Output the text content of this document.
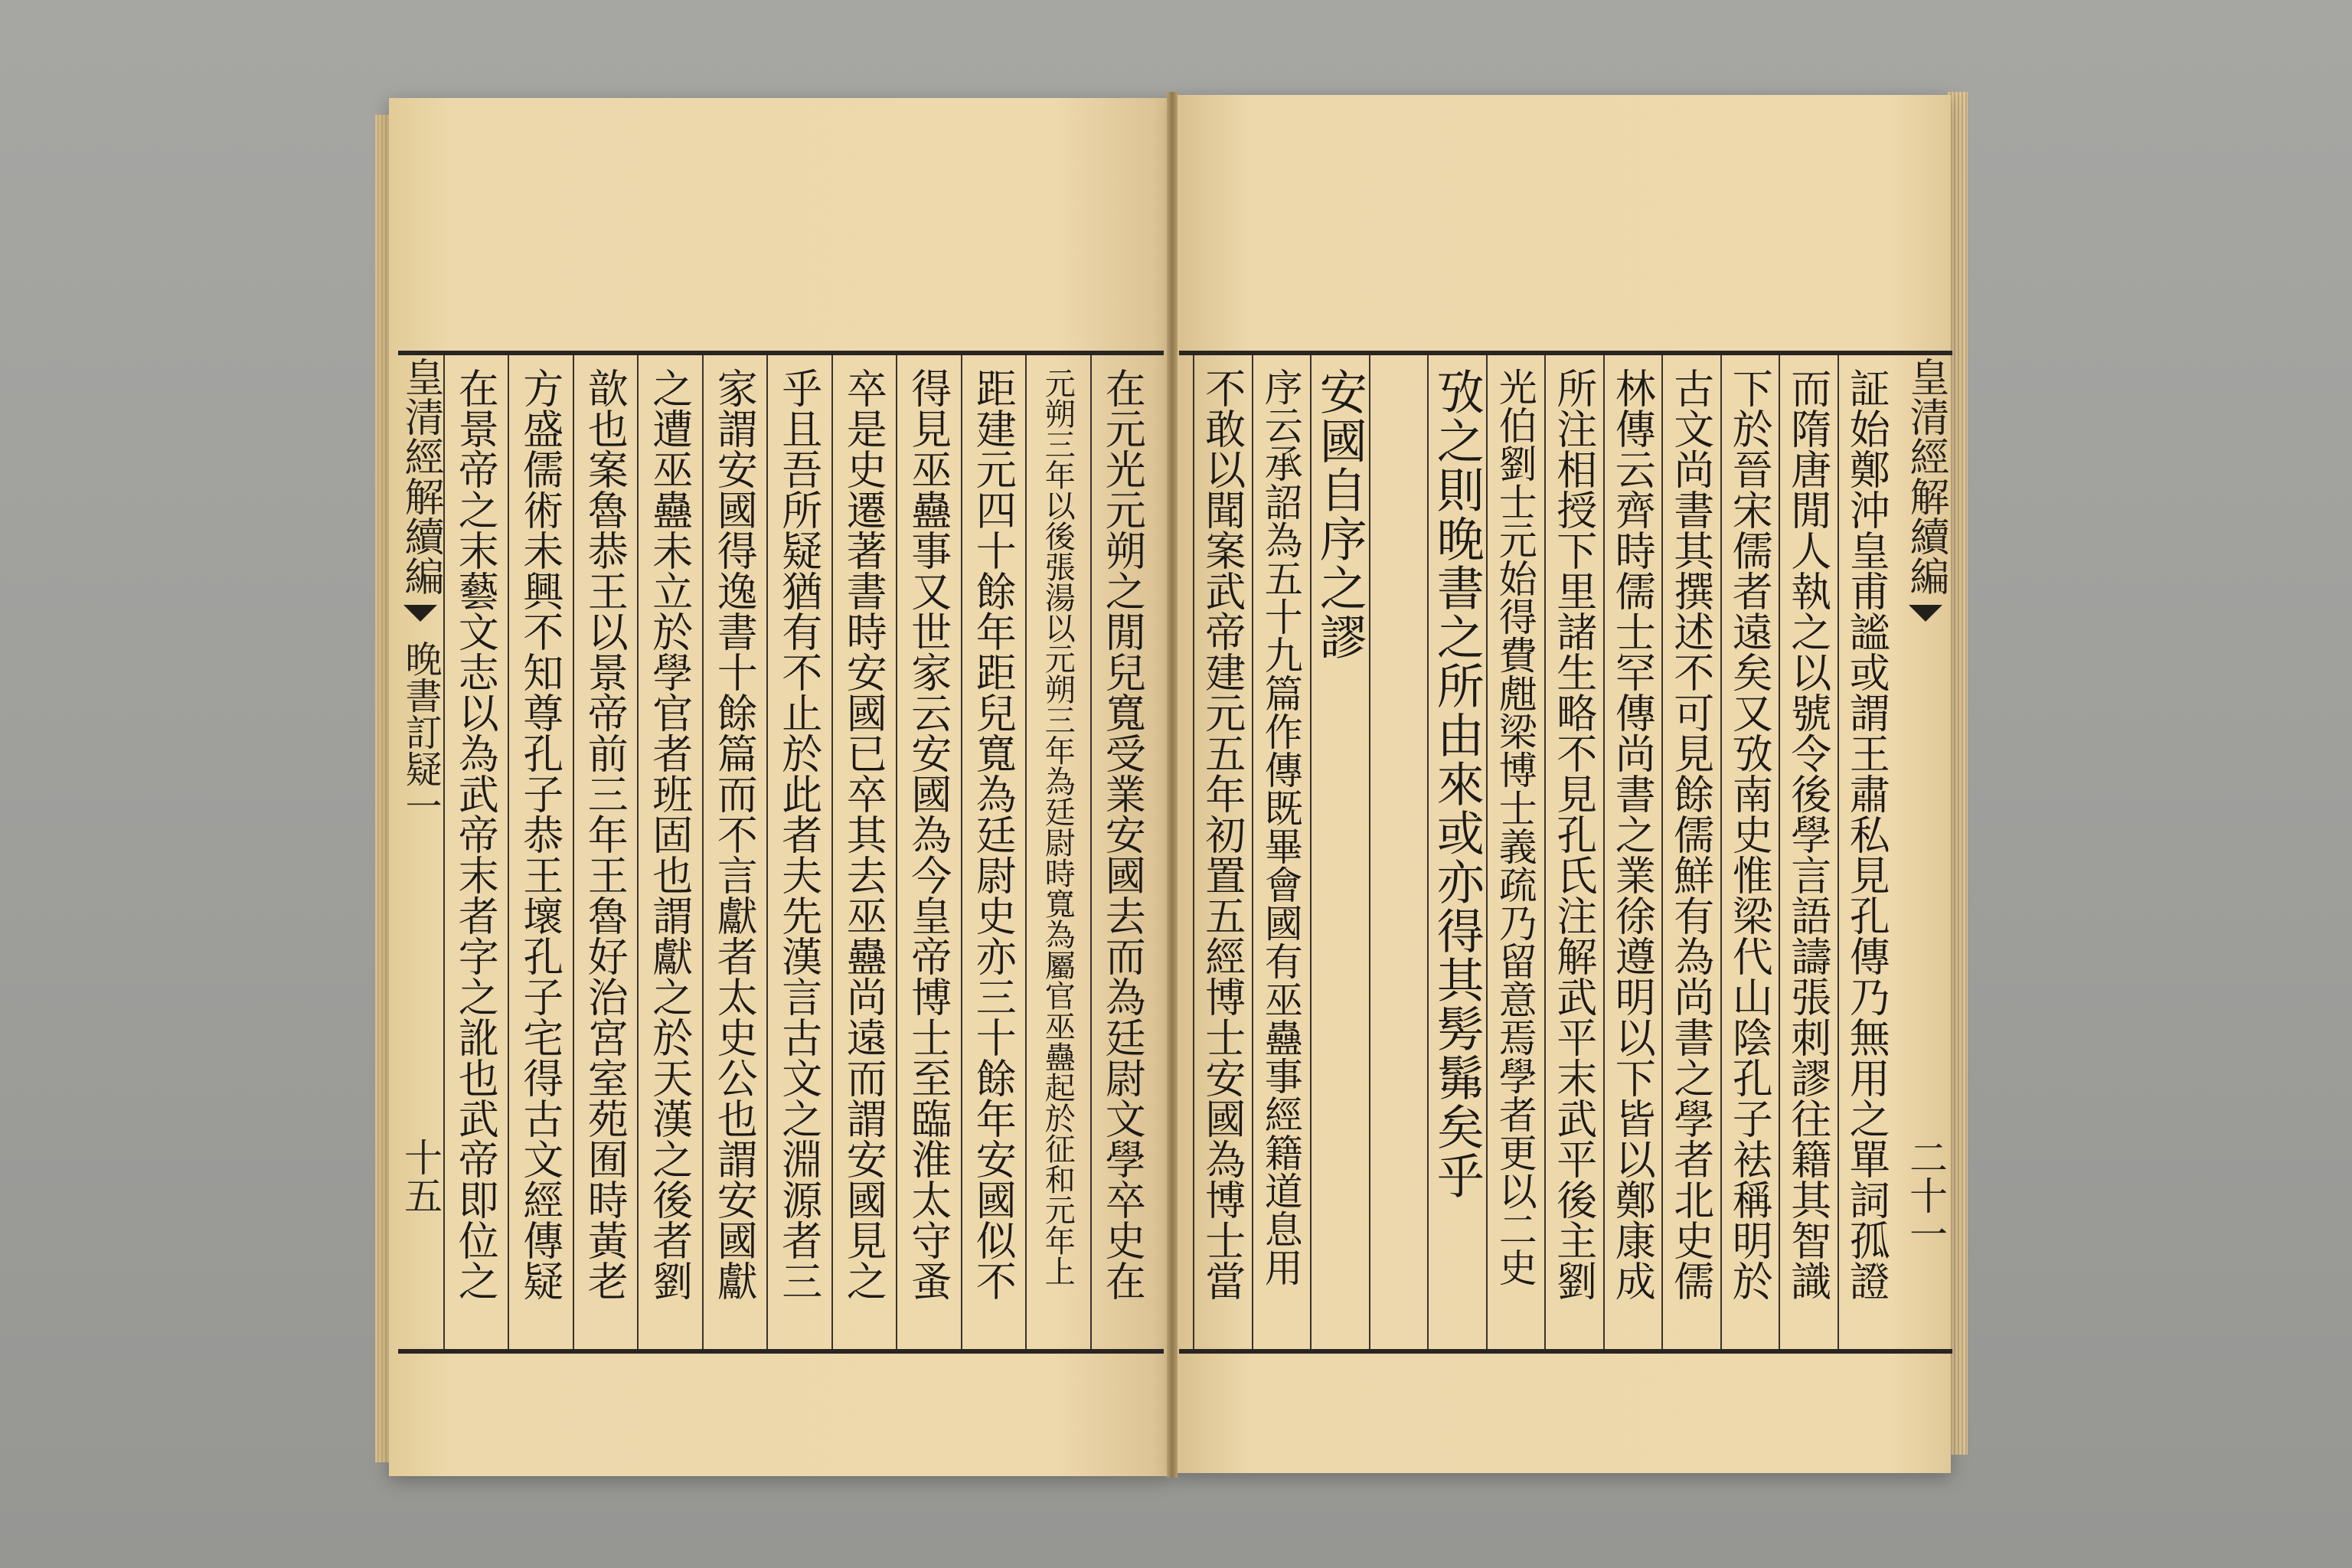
皇清經解續編
晚書訂疑一
十五
皇清經解續編
二十一
在元光元朔之閒兒寬受業安國去而為廷尉文學卒史在
元朔三年以後張湯以元朔三年為廷尉時寬為屬官巫蠱起於征和元年上
距建元四十餘年距兒寬為廷尉史亦三十餘年安國似不
得見巫蠱事又世家云安國為今皇帝博士至臨淮太守蚤
卒是史遷著書時安國已卒其去巫蠱尚遠而謂安國見之
乎且吾所疑猶有不止於此者夫先漢言古文之淵源者三
家謂安國得逸書十餘篇而不言獻者太史公也謂安國獻
之遭巫蠱未立於學官者班固也謂獻之於天漢之後者劉
歆也案魯恭王以景帝前三年王魯好治宮室苑囿時黃老
方盛儒術未興不知尊孔子恭王壞孔子宅得古文經傳疑
在景帝之末藝文志以為武帝末者字之訛也武帝即位之	証始鄭沖皇甫謐或謂王肅私見孔傳乃無用之單詞孤證
而隋唐閒人執之以號令後學言語譸張刺謬往籍其智識
下於晉宋儒者遠矣又攷南史惟梁代山陰孔子袪稱明於
古文尚書其撰述不可見餘儒鮮有為尚書之學者北史儒
林傳云齊時儒士罕傳尚書之業徐遵明以下皆以鄭康成
所注相授下里諸生略不見孔氏注解武平末武平後主劉
光伯劉士元始得費甝梁博士義疏乃留意焉學者更以二史
攷之則晚書之所由來或亦得其髣髴矣乎
安國自序之謬
序云承詔為五十九篇作傳既畢會國有巫蠱事經籍道息用
不敢以聞案武帝建元五年初置五經博士安國為博士當
